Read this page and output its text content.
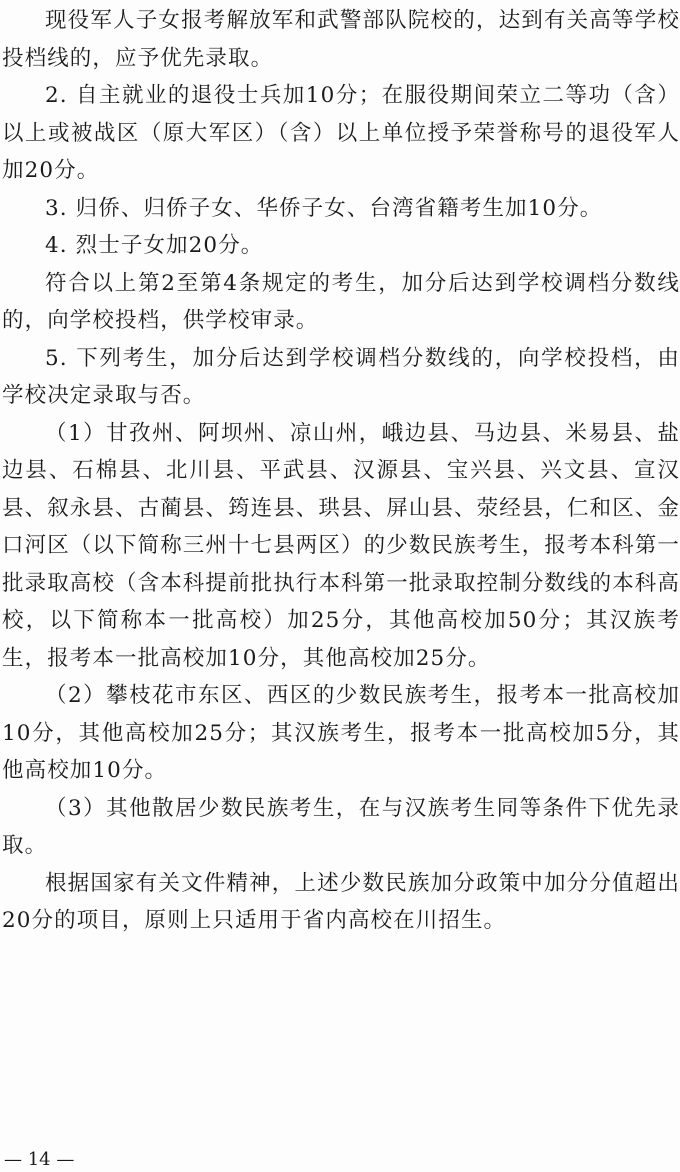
现役军人子女报考解放军和武警部队院校的，达到有关高等学校投档线的，应予优先录取。

2. 自主就业的退役士兵加10分；在服役期间荣立二等功（含）以上或被战区（原大军区）（含）以上单位授予荣誉称号的退役军人加20分。

3. 归侨、归侨子女、华侨子女、台湾省籍考生加10分。

4. 烈士子女加20分。

符合以上第2至第4条规定的考生，加分后达到学校调档分数线的，向学校投档，供学校审录。

5. 下列考生，加分后达到学校调档分数线的，向学校投档，由学校决定录取与否。

（1）甘孜州、阿坝州、凉山州，峨边县、马边县、米易县、盐边县、石棉县、北川县、平武县、汉源县、宝兴县、兴文县、宣汉县、叙永县、古蔺县、筠连县、珙县、屏山县、荥经县，仁和区、金口河区（以下简称三州十七县两区）的少数民族考生，报考本科第一批录取高校（含本科提前批执行本科第一批录取控制分数线的本科高校，以下简称本一批高校）加25分，其他高校加50分；其汉族考生，报考本一批高校加10分，其他高校加25分。

（2）攀枝花市东区、西区的少数民族考生，报考本一批高校加10分，其他高校加25分；其汉族考生，报考本一批高校加5分，其他高校加10分。

（3）其他散居少数民族考生，在与汉族考生同等条件下优先录取。

根据国家有关文件精神，上述少数民族加分政策中加分分值超出20分的项目，原则上只适用于省内高校在川招生。

— 14 —
